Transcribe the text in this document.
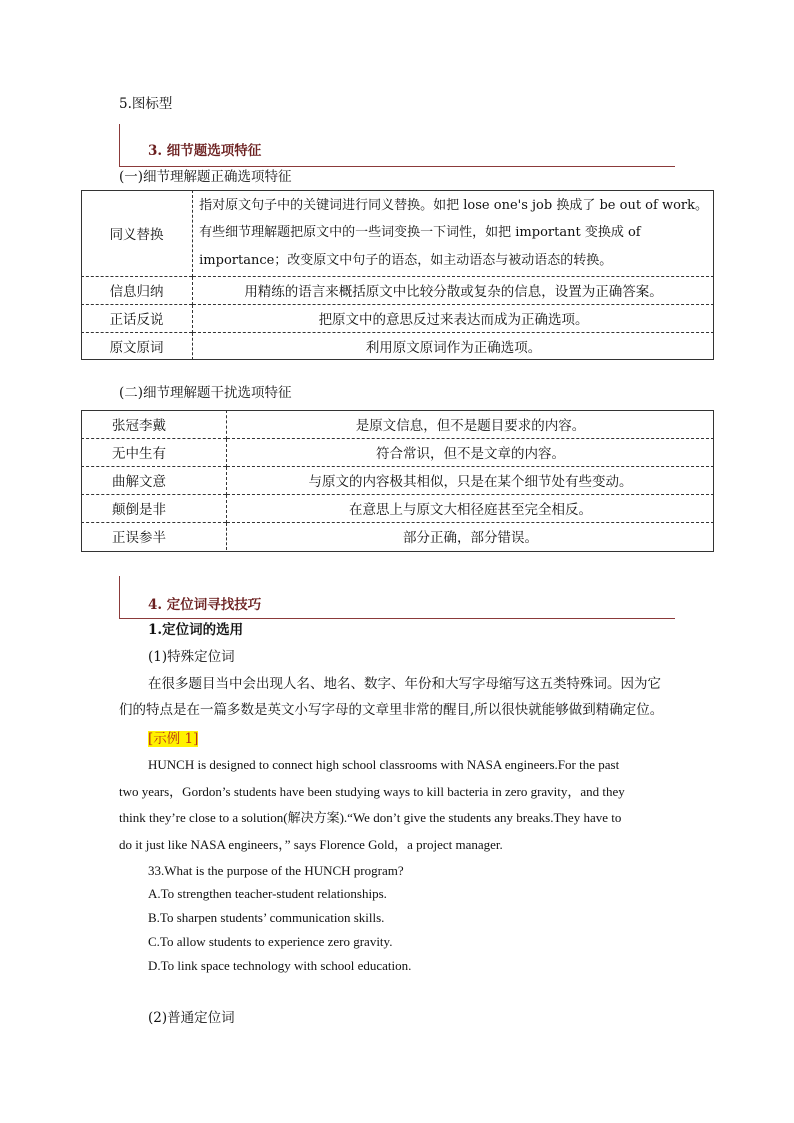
5.图标型
3. 细节题选项特征
(一)细节理解题正确选项特征
同义替换	指对原文句子中的关键词进行同义替换。如把 lose one's job 换成了 be out of work。
有些细节理解题把原文中的一些词变换一下词性，如把 important 变换成 of
importance；改变原文中句子的语态，如主动语态与被动语态的转换。

信息归纳	用精练的语言来概括原文中比较分散或复杂的信息，设置为正确答案。
正话反说	把原文中的意思反过来表达而成为正确选项。
原文原词	利用原文原词作为正确选项。
(二)细节理解题干扰选项特征
张冠李戴	是原文信息，但不是题目要求的内容。
无中生有	符合常识，但不是文章的内容。
曲解文意	与原文的内容极其相似，只是在某个细节处有些变动。
颠倒是非	在意思上与原文大相径庭甚至完全相反。
正误参半	部分正确，部分错误。
4. 定位词寻找技巧
1.定位词的选用
(1)特殊定位词
在很多题目当中会出现人名、地名、数字、年份和大写字母缩写这五类特殊词。因为它
们的特点是在一篇多数是英文小写字母的文章里非常的醒目,所以很快就能够做到精确定位。
[示例 1]
HUNCH is designed to connect high school classrooms with NASA engineers.For the past
two years，Gordon’s students have been studying ways to kill bacteria in zero gravity，and they
think they’re close to a solution(解决方案).“We don’t give the students any breaks.They have to
do it just like NASA engineers，” says Florence Gold，a project manager.
33.What is the purpose of the HUNCH program?
A.To strengthen teacher-student relationships.
B.To sharpen students’ communication skills.
C.To allow students to experience zero gravity.
D.To link space technology with school education.
(2)普通定位词
